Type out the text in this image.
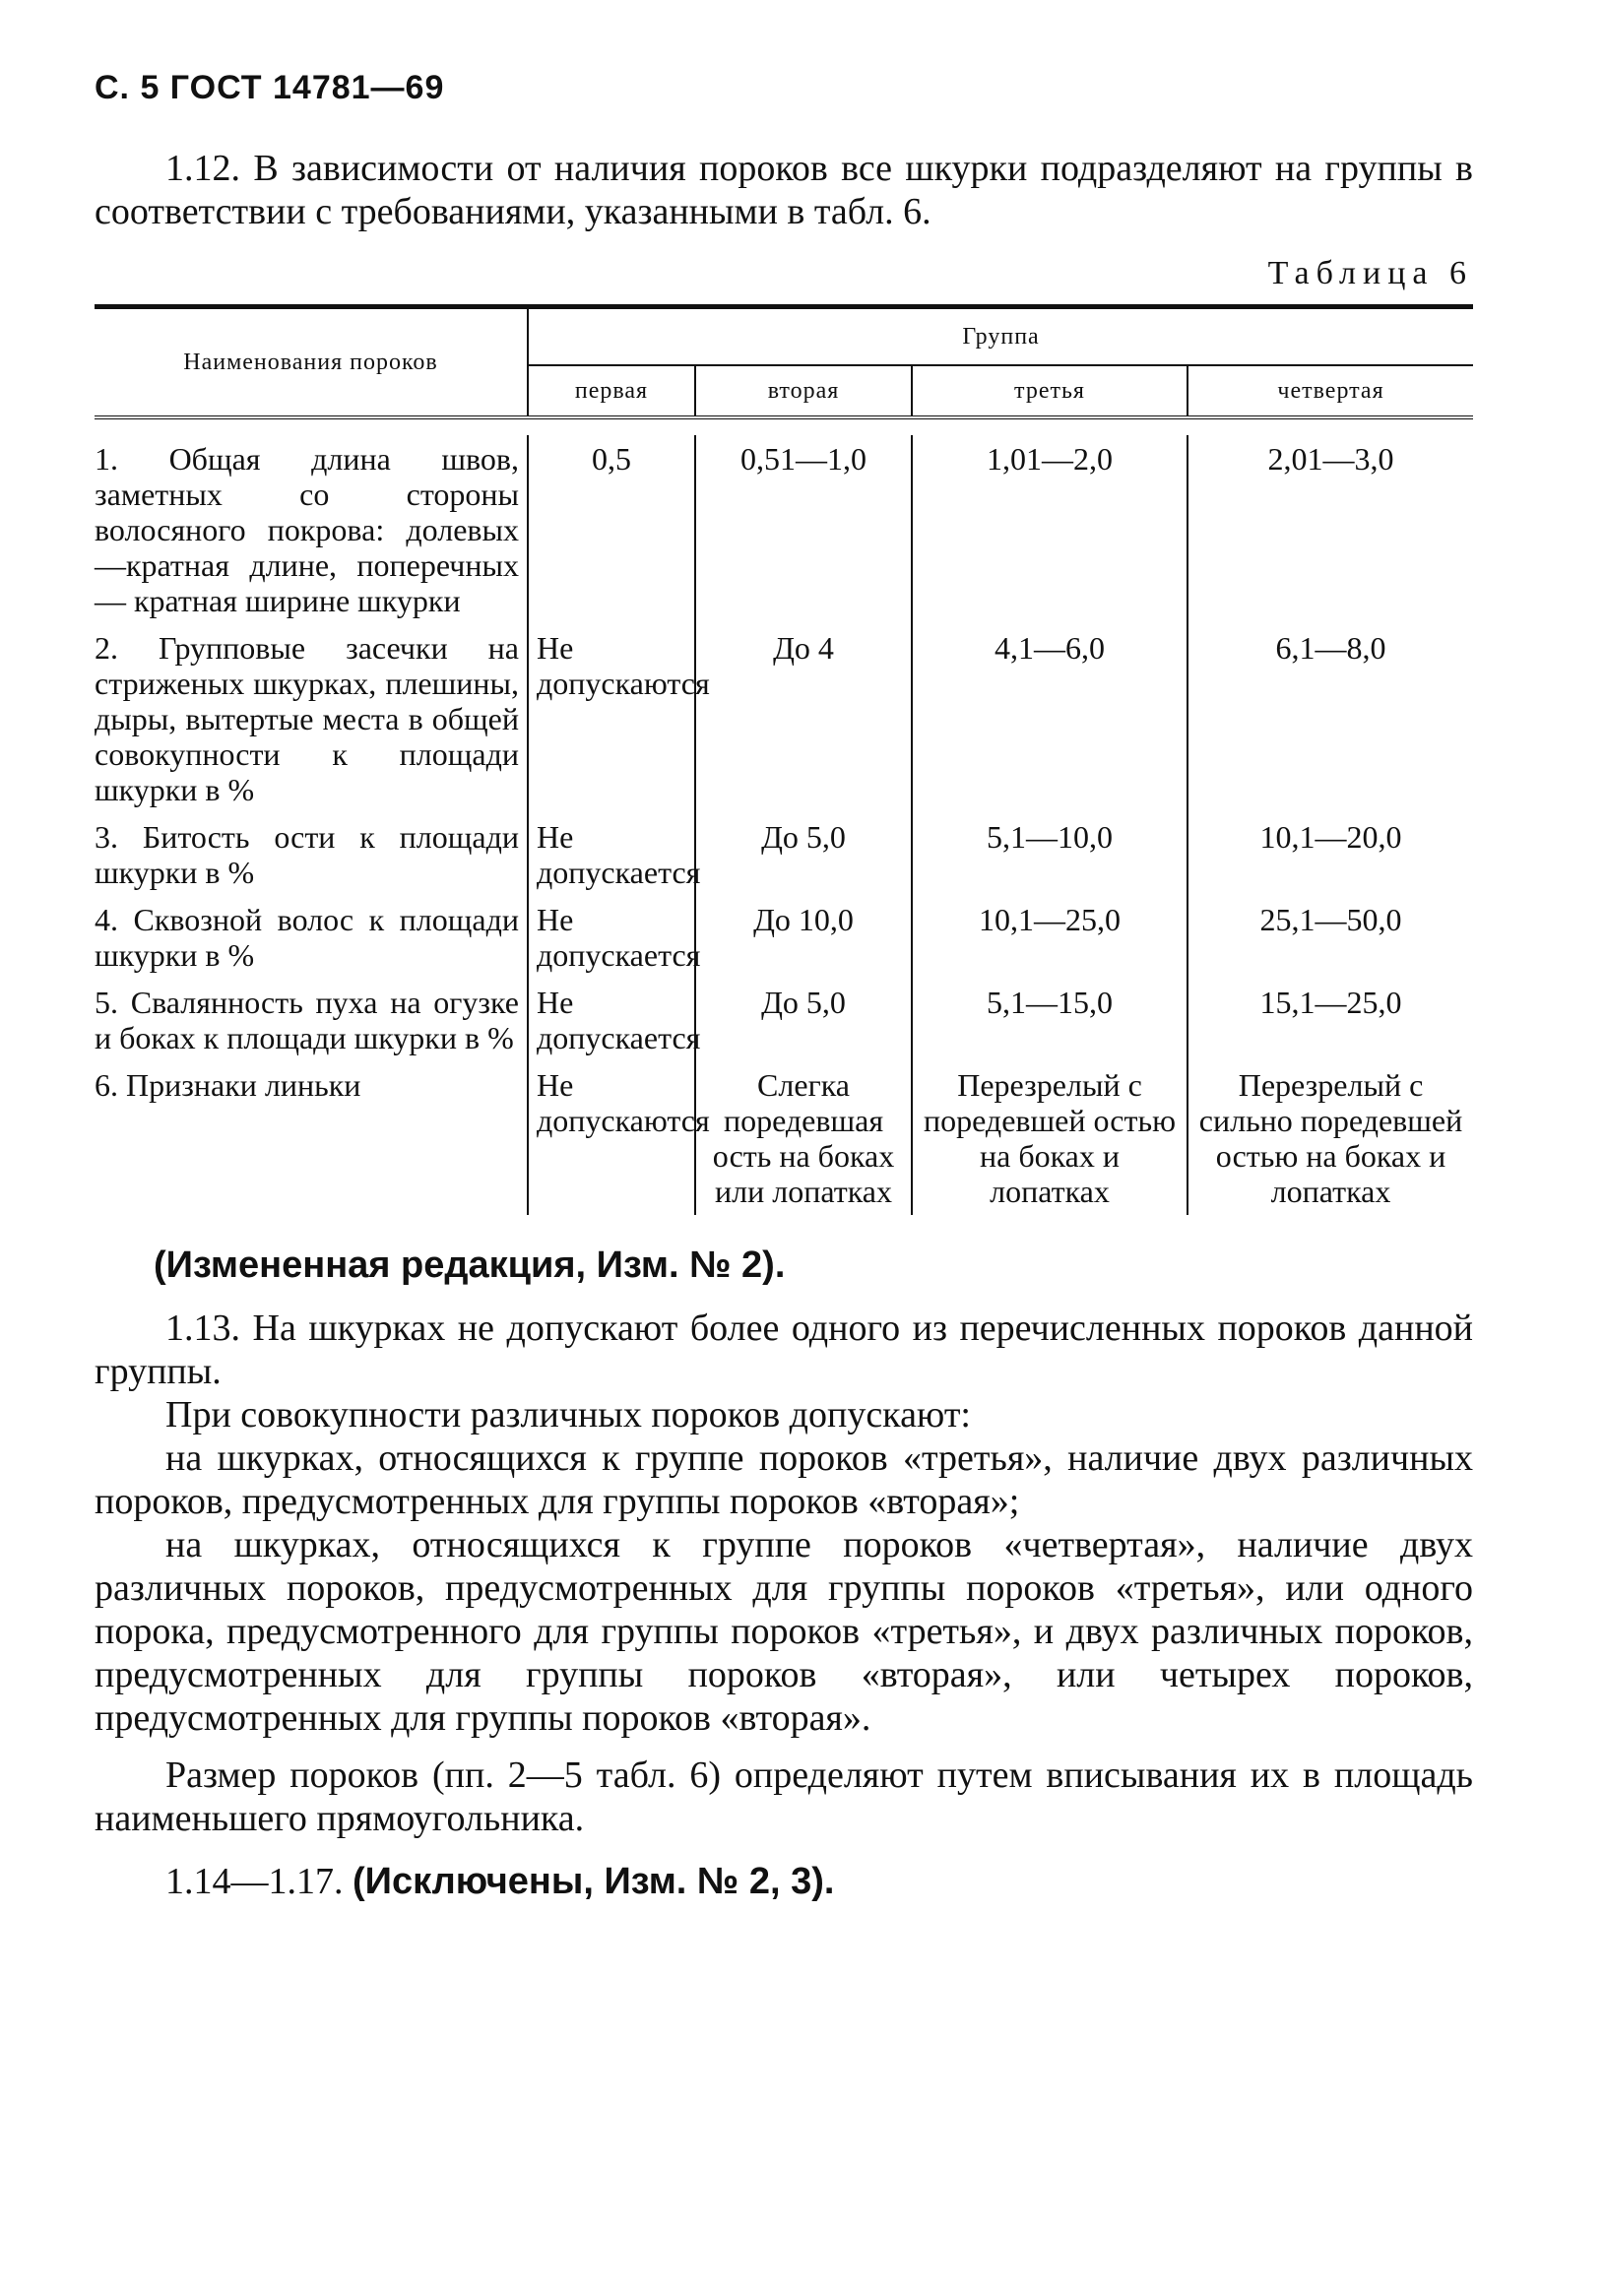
С. 5 ГОСТ 14781—69

1.12. В зависимости от наличия пороков все шкурки подразделяют на группы в соответствии с требованиями, указанными в табл. 6.

Таблица 6
Наименования пороков	Группа			
	первая	вторая	третья	четвертая

1. Общая длина швов, заметных со стороны волосяного покрова: долевых—кратная длине, поперечных — кратная ширине шкурки	0,5	0,51—1,0	1,01—2,0	2,01—3,0
2. Групповые засечки на стриженых шкурках, плешины, дыры, вытертые места в общей совокупности к площади шкурки в %	Не допускаются	До 4	4,1—6,0	6,1—8,0
3. Битость ости к площади шкурки в %	Не допускается	До 5,0	5,1—10,0	10,1—20,0
4. Сквозной волос к площади шкурки в %	Не допускается	До 10,0	10,1—25,0	25,1—50,0
5. Свалянность пуха на огузке и боках к площади шкурки в %	Не допускается	До 5,0	5,1—15,0	15,1—25,0
6. Признаки линьки	Не допускаются	Слегка поредевшая ость на боках или лопатках	Перезрелый с поредевшей остью на боках и лопатках	Перезрелый с сильно поредевшей остью на боках и лопатках
(Измененная редакция, Изм. № 2).

1.13. На шкурках не допускают более одного из перечисленных пороков данной группы.

При совокупности различных пороков допускают:

на шкурках, относящихся к группе пороков «третья», наличие двух различных пороков, предусмотренных для группы пороков «вторая»;

на шкурках, относящихся к группе пороков «четвертая», наличие двух различных пороков, предусмотренных для группы пороков «третья», или одного порока, предусмотренного для группы пороков «третья», и двух различных пороков, предусмотренных для группы пороков «вторая», или четырех пороков, предусмотренных для группы пороков «вторая».

Размер пороков (пп. 2—5 табл. 6) определяют путем вписывания их в площадь наименьшего прямоугольника.

1.14—1.17. (Исключены, Изм. № 2, 3).
